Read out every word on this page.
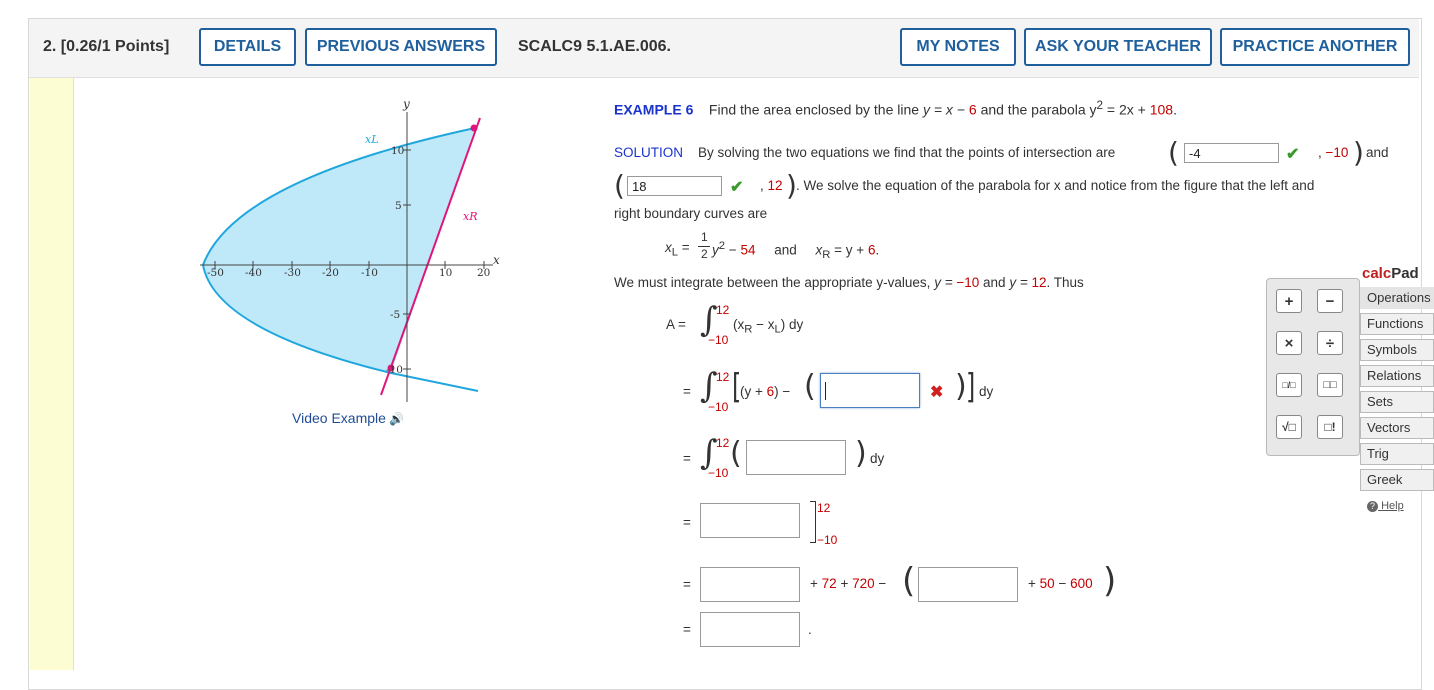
2. [0.26/1 Points]	DETAILS	PREVIOUS ANSWERS	SCALC9 5.1.AE.006.	MY NOTES	ASK YOUR TEACHER	PRACTICE ANOTHER
y
x
xL
xR
-50 -40 -30 -20 -10	10 20
10
5
-5
-10
Video Example 🔊
EXAMPLE 6 Find the area enclosed by the line y = x − 6 and the parabola $y^2 = 2x + 108$.
SOLUTION By solving the two equations we find that the points of intersection are ( -4	✔ , −10 ) and
( 18	✔ , 12 ) . We solve the equation of the parabola for x and notice from the figure that the left and
right boundary curves are
$x_L$ =
1
2 $y^2 - 54$ and $x_R = y + 6$.
We must integrate between the appropriate y-values, y = −10 and y = 12. Thus
A = ∫
12
−10
$(x_R - x_L)$ dy
= ∫
12
−10 [
(y + 6) − (	✖ ) ] dy
= ∫
12
−10
(	) dy
=
12
−10
=	+ 72 + 720 − (	+ 50 − 600 )
=	.
+	−
×	÷
□/□	□□
√□	□!
calcPad
Operations
Functions
Symbols
Relations
Sets
Vectors
Trig
Greek
? Help
